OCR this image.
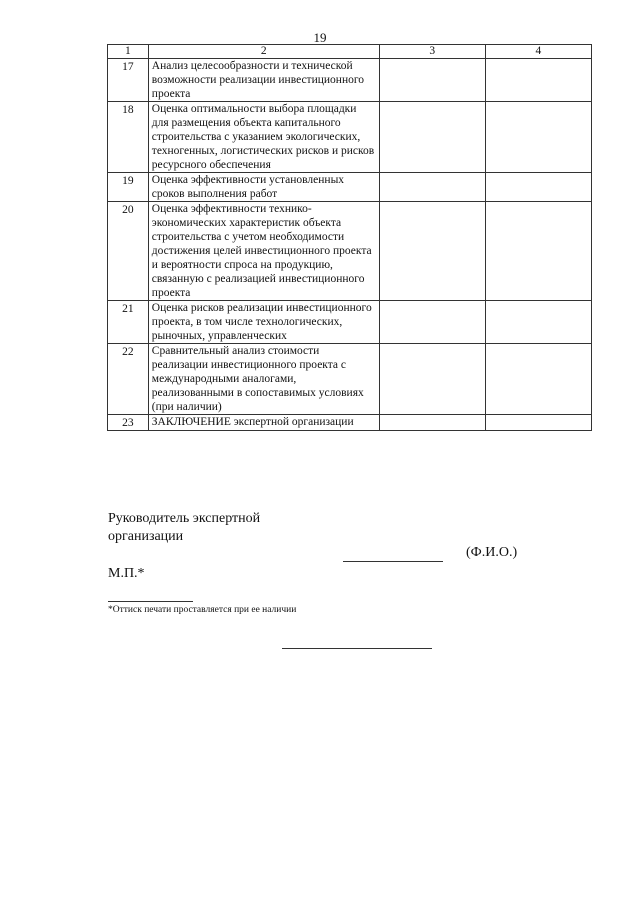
19
1	2	3	4
17	Анализ целесообразности и технической возможности реализации инвестиционного проекта		
18	Оценка оптимальности выбора площадки для размещения объекта капитального строительства с указанием экологических, техногенных, логистических рисков и рисков ресурсного обеспечения		
19	Оценка эффективности установленных сроков выполнения работ		
20	Оценка эффективности технико-экономических характеристик объекта строительства с учетом необходимости достижения целей инвестиционного проекта и вероятности спроса на продукцию, связанную с реализацией инвестиционного проекта		
21	Оценка рисков реализации инвестиционного проекта, в том числе технологических, рыночных, управленческих		
22	Сравнительный анализ стоимости реализации инвестиционного проекта с международными аналогами, реализованными в сопоставимых условиях (при наличии)		
23	ЗАКЛЮЧЕНИЕ экспертной организации		
Руководитель экспертной
организации
(Ф.И.О.)
М.П.*
*Оттиск печати проставляется при ее наличии
